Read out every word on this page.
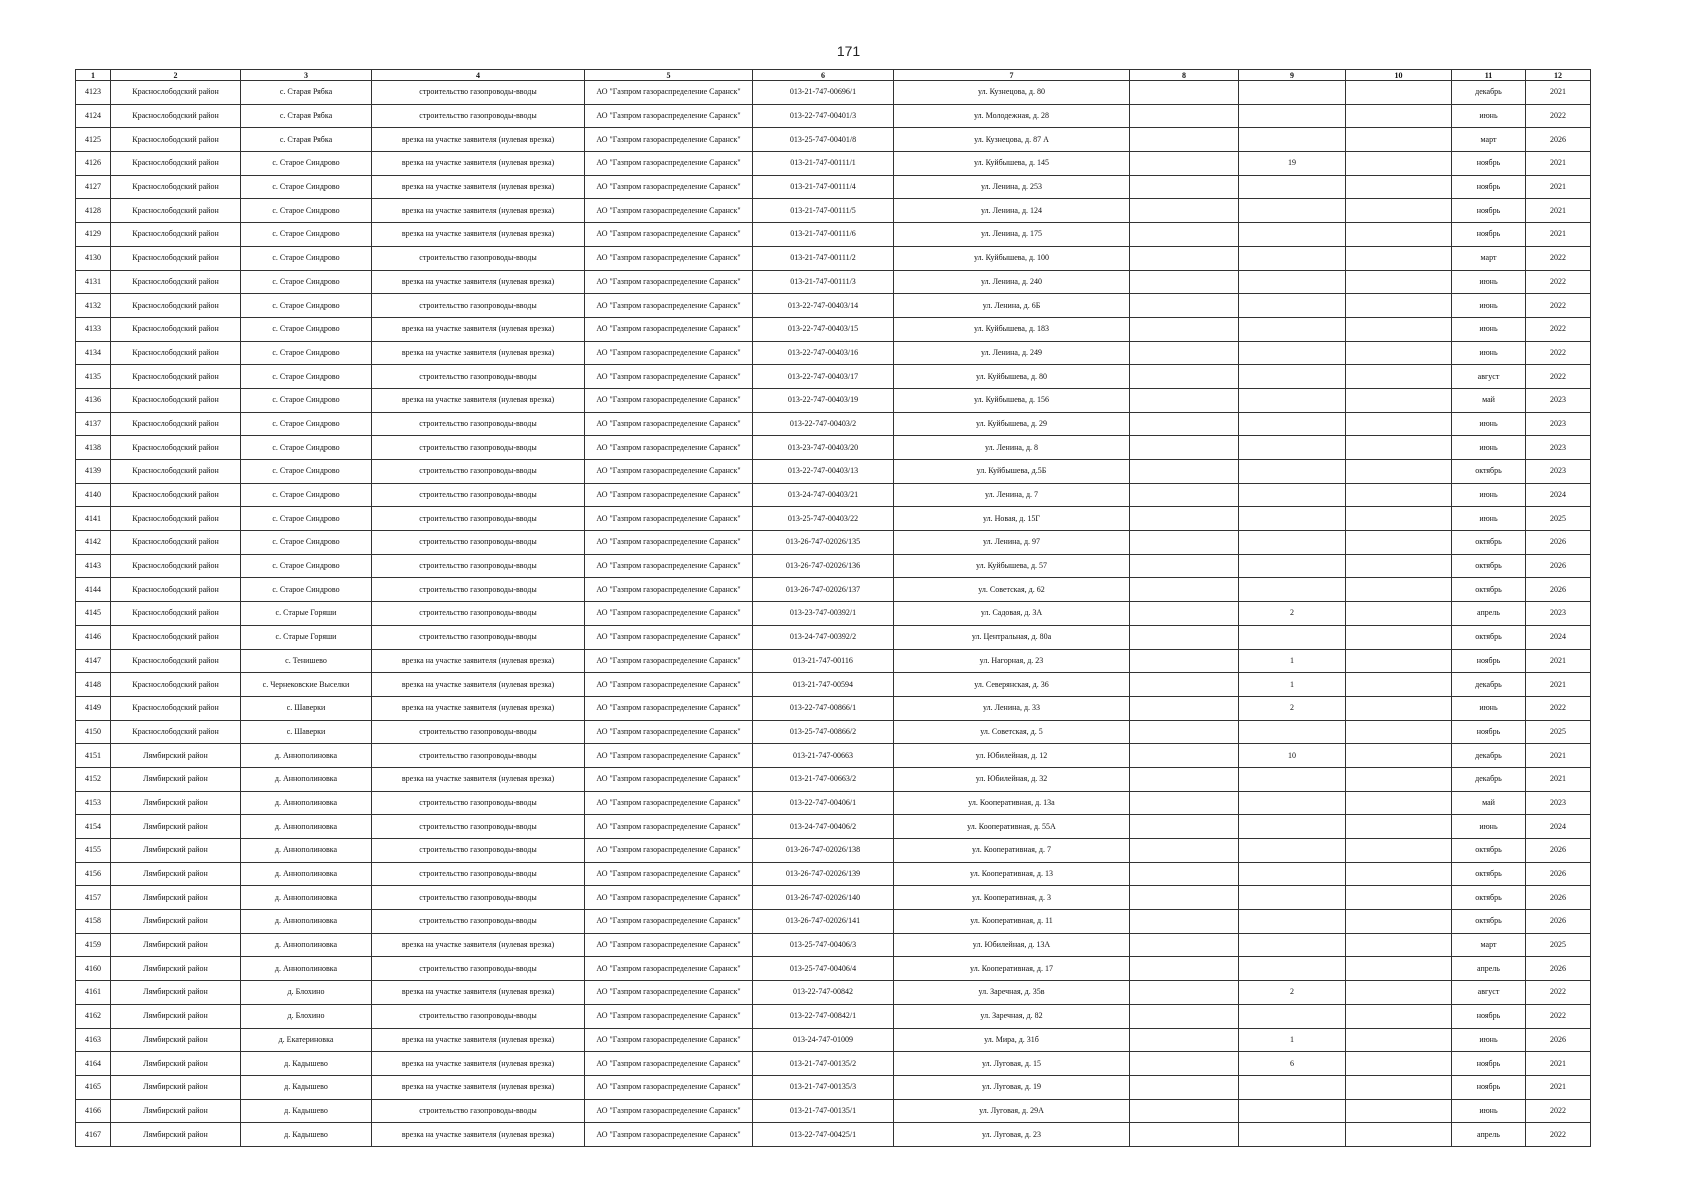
171
1	2	3	4	5	6	7	8	9	10	11	12
4123	Краснослободский район	с. Старая Рябка	строительство газопроводы-вводы	АО "Газпром газораспределение Саранск"	013-21-747-00696/1	ул. Кузнецова, д. 80				декабрь	2021
4124	Краснослободский район	с. Старая Рябка	строительство газопроводы-вводы	АО "Газпром газораспределение Саранск"	013-22-747-00401/3	ул. Молодежная, д. 28				июнь	2022
4125	Краснослободский район	с. Старая Рябка	врезка на участке заявителя (нулевая врезка)	АО "Газпром газораспределение Саранск"	013-25-747-00401/8	ул. Кузнецова, д. 87 А				март	2026
4126	Краснослободский район	с. Старое Синдрово	врезка на участке заявителя (нулевая врезка)	АО "Газпром газораспределение Саранск"	013-21-747-00111/1	ул. Куйбышева, д. 145		19		ноябрь	2021
4127	Краснослободский район	с. Старое Синдрово	врезка на участке заявителя (нулевая врезка)	АО "Газпром газораспределение Саранск"	013-21-747-00111/4	ул. Ленина, д. 253				ноябрь	2021
4128	Краснослободский район	с. Старое Синдрово	врезка на участке заявителя (нулевая врезка)	АО "Газпром газораспределение Саранск"	013-21-747-00111/5	ул. Ленина, д. 124				ноябрь	2021
4129	Краснослободский район	с. Старое Синдрово	врезка на участке заявителя (нулевая врезка)	АО "Газпром газораспределение Саранск"	013-21-747-00111/6	ул. Ленина, д. 175				ноябрь	2021
4130	Краснослободский район	с. Старое Синдрово	строительство газопроводы-вводы	АО "Газпром газораспределение Саранск"	013-21-747-00111/2	ул. Куйбышева, д. 100				март	2022
4131	Краснослободский район	с. Старое Синдрово	врезка на участке заявителя (нулевая врезка)	АО "Газпром газораспределение Саранск"	013-21-747-00111/3	ул. Ленина, д. 240				июнь	2022
4132	Краснослободский район	с. Старое Синдрово	строительство газопроводы-вводы	АО "Газпром газораспределение Саранск"	013-22-747-00403/14	ул. Ленина, д. 6Б				июнь	2022
4133	Краснослободский район	с. Старое Синдрово	врезка на участке заявителя (нулевая врезка)	АО "Газпром газораспределение Саранск"	013-22-747-00403/15	ул. Куйбышева, д. 183				июнь	2022
4134	Краснослободский район	с. Старое Синдрово	врезка на участке заявителя (нулевая врезка)	АО "Газпром газораспределение Саранск"	013-22-747-00403/16	ул. Ленина, д. 249				июнь	2022
4135	Краснослободский район	с. Старое Синдрово	строительство газопроводы-вводы	АО "Газпром газораспределение Саранск"	013-22-747-00403/17	ул. Куйбышева, д. 80				август	2022
4136	Краснослободский район	с. Старое Синдрово	врезка на участке заявителя (нулевая врезка)	АО "Газпром газораспределение Саранск"	013-22-747-00403/19	ул. Куйбышева, д. 156				май	2023
4137	Краснослободский район	с. Старое Синдрово	строительство газопроводы-вводы	АО "Газпром газораспределение Саранск"	013-22-747-00403/2	ул. Куйбышева, д. 29				июнь	2023
4138	Краснослободский район	с. Старое Синдрово	строительство газопроводы-вводы	АО "Газпром газораспределение Саранск"	013-23-747-00403/20	ул. Ленина, д. 8				июнь	2023
4139	Краснослободский район	с. Старое Синдрово	строительство газопроводы-вводы	АО "Газпром газораспределение Саранск"	013-22-747-00403/13	ул. Куйбышева, д.5Б				октябрь	2023
4140	Краснослободский район	с. Старое Синдрово	строительство газопроводы-вводы	АО "Газпром газораспределение Саранск"	013-24-747-00403/21	ул. Ленина, д. 7				июнь	2024
4141	Краснослободский район	с. Старое Синдрово	строительство газопроводы-вводы	АО "Газпром газораспределение Саранск"	013-25-747-00403/22	ул. Новая, д. 15Г				июнь	2025
4142	Краснослободский район	с. Старое Синдрово	строительство газопроводы-вводы	АО "Газпром газораспределение Саранск"	013-26-747-02026/135	ул. Ленина, д. 97				октябрь	2026
4143	Краснослободский район	с. Старое Синдрово	строительство газопроводы-вводы	АО "Газпром газораспределение Саранск"	013-26-747-02026/136	ул. Куйбышева, д. 57				октябрь	2026
4144	Краснослободский район	с. Старое Синдрово	строительство газопроводы-вводы	АО "Газпром газораспределение Саранск"	013-26-747-02026/137	ул. Советская, д. 62				октябрь	2026
4145	Краснослободский район	с. Старые Горяши	строительство газопроводы-вводы	АО "Газпром газораспределение Саранск"	013-23-747-00392/1	ул. Садовая, д. 3А		2		апрель	2023
4146	Краснослободский район	с. Старые Горяши	строительство газопроводы-вводы	АО "Газпром газораспределение Саранск"	013-24-747-00392/2	ул. Центральная, д. 80а				октябрь	2024
4147	Краснослободский район	с. Тенишево	врезка на участке заявителя (нулевая врезка)	АО "Газпром газораспределение Саранск"	013-21-747-00116	ул. Нагорная, д. 23		1		ноябрь	2021
4148	Краснослободский район	с. Чернековские Выселки	врезка на участке заявителя (нулевая врезка)	АО "Газпром газораспределение Саранск"	013-21-747-00594	ул. Северянская, д. 36		1		декабрь	2021
4149	Краснослободский район	с. Шаверки	врезка на участке заявителя (нулевая врезка)	АО "Газпром газораспределение Саранск"	013-22-747-00866/1	ул. Ленина, д. 33		2		июнь	2022
4150	Краснослободский район	с. Шаверки	строительство газопроводы-вводы	АО "Газпром газораспределение Саранск"	013-25-747-00866/2	ул. Советская, д. 5				ноябрь	2025
4151	Лямбирский район	д. Аннополиновка	строительство газопроводы-вводы	АО "Газпром газораспределение Саранск"	013-21-747-00663	ул. Юбилейная, д. 12		10		декабрь	2021
4152	Лямбирский район	д. Аннополиновка	врезка на участке заявителя (нулевая врезка)	АО "Газпром газораспределение Саранск"	013-21-747-00663/2	ул. Юбилейная, д. 32				декабрь	2021
4153	Лямбирский район	д. Аннополиновка	строительство газопроводы-вводы	АО "Газпром газораспределение Саранск"	013-22-747-00406/1	ул. Кооперативная, д. 13а				май	2023
4154	Лямбирский район	д. Аннополиновка	строительство газопроводы-вводы	АО "Газпром газораспределение Саранск"	013-24-747-00406/2	ул. Кооперативная, д. 55А				июнь	2024
4155	Лямбирский район	д. Аннополиновка	строительство газопроводы-вводы	АО "Газпром газораспределение Саранск"	013-26-747-02026/138	ул. Кооперативная, д. 7				октябрь	2026
4156	Лямбирский район	д. Аннополиновка	строительство газопроводы-вводы	АО "Газпром газораспределение Саранск"	013-26-747-02026/139	ул. Кооперативная, д. 13				октябрь	2026
4157	Лямбирский район	д. Аннополиновка	строительство газопроводы-вводы	АО "Газпром газораспределение Саранск"	013-26-747-02026/140	ул. Кооперативная, д. 3				октябрь	2026
4158	Лямбирский район	д. Аннополиновка	строительство газопроводы-вводы	АО "Газпром газораспределение Саранск"	013-26-747-02026/141	ул. Кооперативная, д. 11				октябрь	2026
4159	Лямбирский район	д. Аннополиновка	врезка на участке заявителя (нулевая врезка)	АО "Газпром газораспределение Саранск"	013-25-747-00406/3	ул. Юбилейная, д. 13А				март	2025
4160	Лямбирский район	д. Аннополиновка	строительство газопроводы-вводы	АО "Газпром газораспределение Саранск"	013-25-747-00406/4	ул. Кооперативная, д. 17				апрель	2026
4161	Лямбирский район	д. Блохино	врезка на участке заявителя (нулевая врезка)	АО "Газпром газораспределение Саранск"	013-22-747-00842	ул. Заречная, д. 35в		2		август	2022
4162	Лямбирский район	д. Блохино	строительство газопроводы-вводы	АО "Газпром газораспределение Саранск"	013-22-747-00842/1	ул. Заречная, д. 82				ноябрь	2022
4163	Лямбирский район	д. Екатериновка	врезка на участке заявителя (нулевая врезка)	АО "Газпром газораспределение Саранск"	013-24-747-01009	ул. Мира, д. 31б		1		июнь	2026
4164	Лямбирский район	д. Кадышево	врезка на участке заявителя (нулевая врезка)	АО "Газпром газораспределение Саранск"	013-21-747-00135/2	ул. Луговая, д. 15		6		ноябрь	2021
4165	Лямбирский район	д. Кадышево	врезка на участке заявителя (нулевая врезка)	АО "Газпром газораспределение Саранск"	013-21-747-00135/3	ул. Луговая, д. 19				ноябрь	2021
4166	Лямбирский район	д. Кадышево	строительство газопроводы-вводы	АО "Газпром газораспределение Саранск"	013-21-747-00135/1	ул. Луговая, д. 29А				июнь	2022
4167	Лямбирский район	д. Кадышево	врезка на участке заявителя (нулевая врезка)	АО "Газпром газораспределение Саранск"	013-22-747-00425/1	ул. Луговая, д. 23				апрель	2022
